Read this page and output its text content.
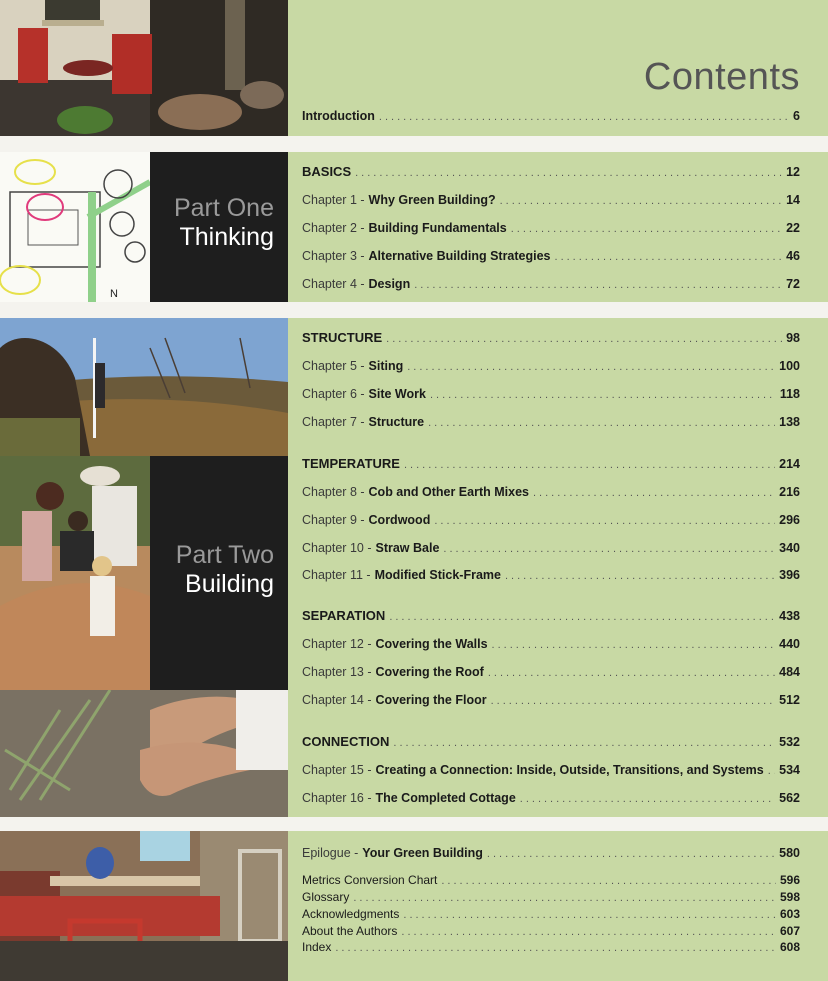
Contents
Introduction .....	6
N
Part One
Thinking
BASICS .....	12
Chapter 1 - Why Green Building? .....	14
Chapter 2 - Building Fundamentals .....	22
Chapter 3 - Alternative Building Strategies .....	46
Chapter 4 - Design .....	72
Part Two
Building
STRUCTURE .....	98
Chapter 5 - Siting .....	100
Chapter 6 - Site Work .....	118
Chapter 7 - Structure .....	138
TEMPERATURE .....	214
Chapter 8 - Cob and Other Earth Mixes .....	216
Chapter 9 - Cordwood .....	296
Chapter 10 - Straw Bale .....	340
Chapter 11 - Modified Stick-Frame .....	396
SEPARATION .....	438
Chapter 12 - Covering the Walls .....	440
Chapter 13 - Covering the Roof .....	484
Chapter 14 - Covering the Floor .....	512
CONNECTION .....	532
Chapter 15 - Creating a Connection: Inside, Outside, Transitions, and Systems ..... 534
Chapter 16 - The Completed Cottage .....	562
Epilogue - Your Green Building .....	580
Metrics Conversion Chart .....	596
Glossary .....	598
Acknowledgments .....	603
About the Authors .....	607
Index .....	608
